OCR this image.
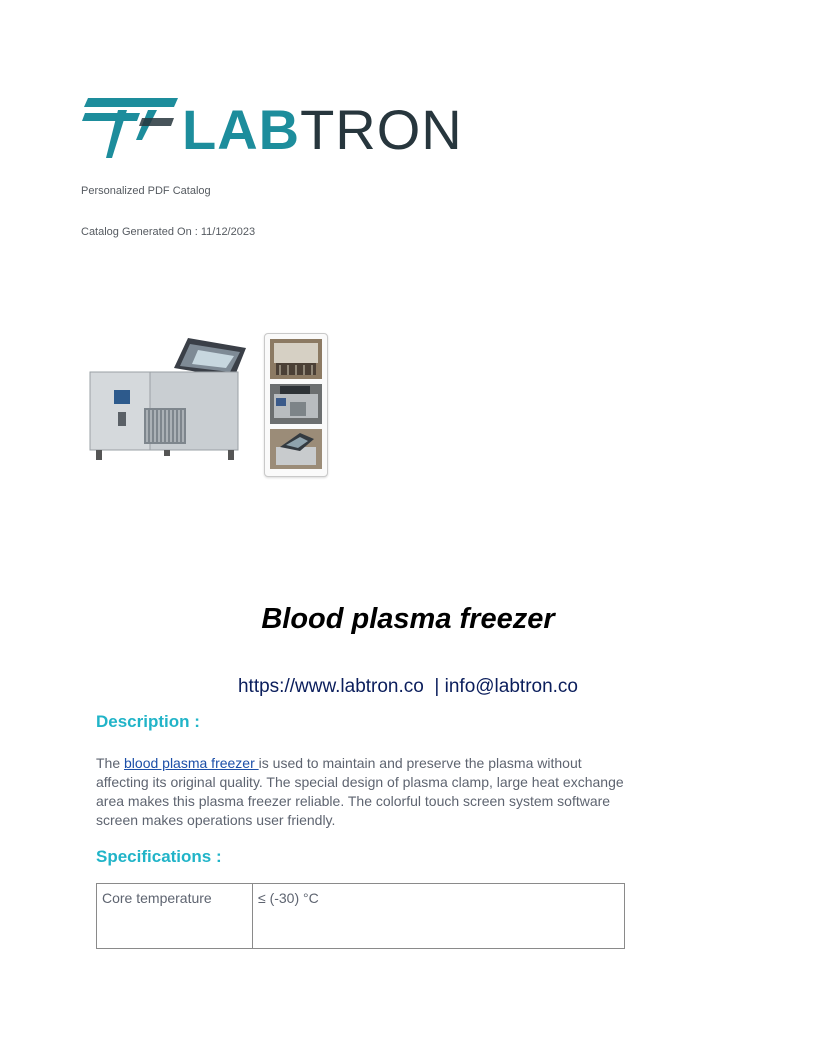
LABTRON
Personalized PDF Catalog
Catalog Generated On : 11/12/2023
Blood plasma freezer
https://www.labtron.co | info@labtron.co
Description :
The blood plasma freezer is used to maintain and preserve the plasma without affecting its original quality. The special design of plasma clamp, large heat exchange area makes this plasma freezer reliable. The colorful touch screen system software screen makes operations user friendly.
Specifications :
Core temperature	≤ (-30) °C
